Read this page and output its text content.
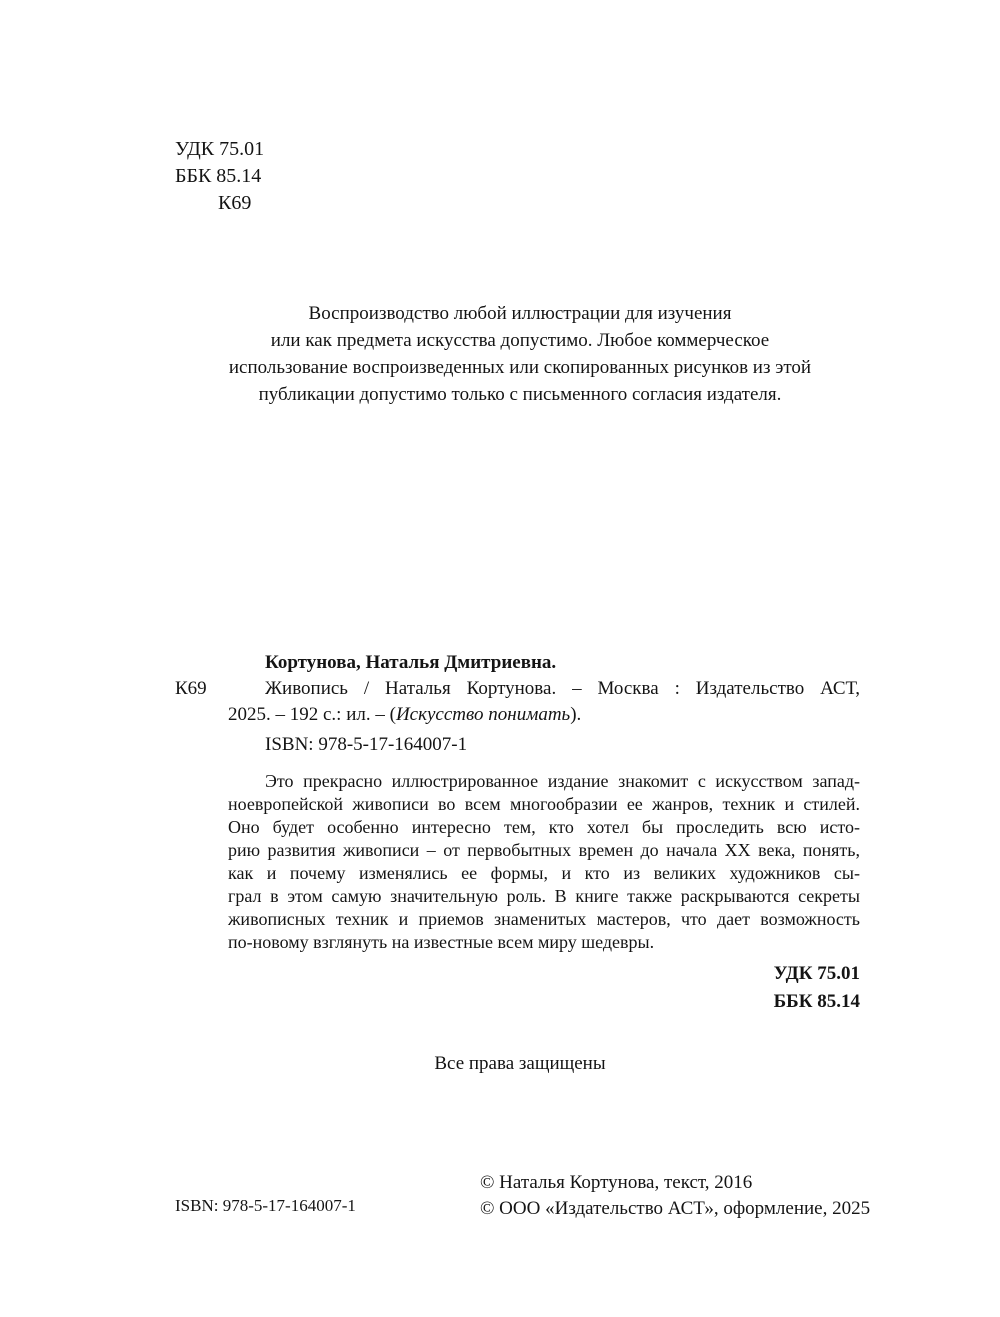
УДК 75.01
ББК 85.14
К69
Воспроизводство любой иллюстрации для изучения
или как предмета искусства допустимо. Любое коммерческое
использование воспроизведенных или скопированных рисунков из этой
публикации допустимо только с письменного согласия издателя.
Кортунова, Наталья Дмитриевна.
К69	Живопись / Наталья Кортунова. – Москва : Издательство АСТ,
2025. – 192 с.: ил. – (Искусство понимать).
ISBN: 978-5-17-164007-1
Это прекрасно иллюстрированное издание знакомит с искусством запад-
ноевропейской живописи во всем многообразии ее жанров, техник и стилей.
Оно будет особенно интересно тем, кто хотел бы проследить всю исто-
рию развития живописи – от первобытных времен до начала XX века, понять,
как и почему изменялись ее формы, и кто из великих художников сы-
грал в этом самую значительную роль. В книге также раскрываются секреты
живописных техник и приемов знаменитых мастеров, что дает возможность
по-новому взглянуть на известные всем миру шедевры.
УДК 75.01
ББК 85.14
Все права защищены
ISBN: 978-5-17-164007-1
© Наталья Кортунова, текст, 2016
© ООО «Издательство АСТ», оформление, 2025
